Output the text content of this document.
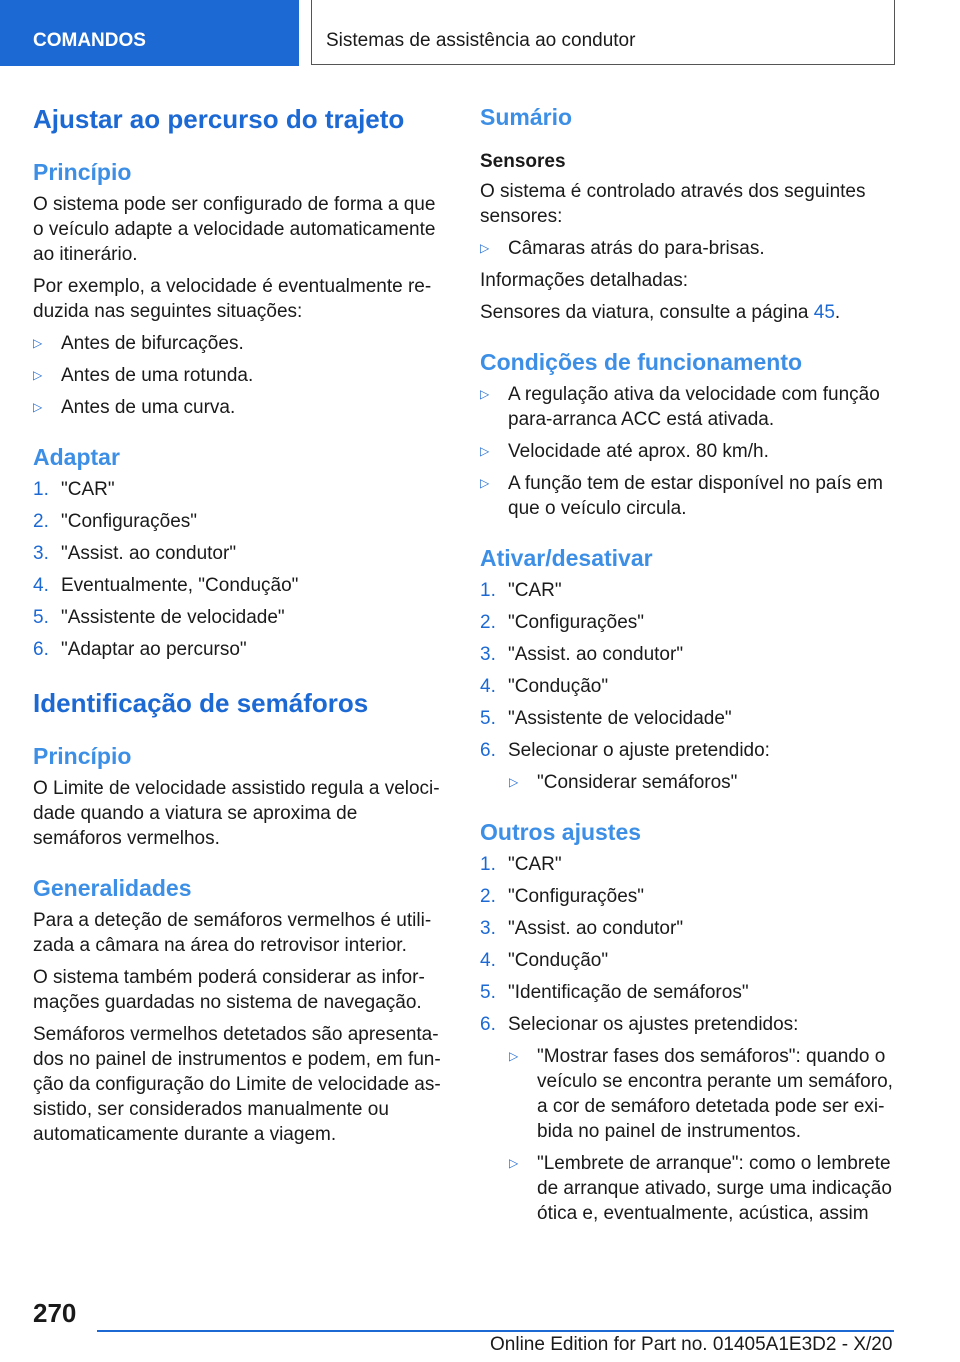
COMANDOS	Sistemas de assistência ao condutor
Ajustar ao percurso do trajeto
Princípio

O sistema pode ser configurado de forma a que o veículo adapte a velocidade automaticamente ao itinerário.

Por exemplo, a velocidade é eventualmente reduzida nas seguintes situações:

▷ Antes de bifurcações.
▷ Antes de uma rotunda.
▷ Antes de uma curva.
Adaptar
1. "CAR"
2. "Configurações"
3. "Assist. ao condutor"
4. Eventualmente, "Condução"
5. "Assistente de velocidade"
6. "Adaptar ao percurso"
Identificação de semáforos
Princípio

O Limite de velocidade assistido regula a velocidade quando a viatura se aproxima de semáforos vermelhos.

Generalidades

Para a deteção de semáforos vermelhos é utilizada a câmara na área do retrovisor interior.

O sistema também poderá considerar as informações guardadas no sistema de navegação.

Semáforos vermelhos detetados são apresentados no painel de instrumentos e podem, em função da configuração do Limite de velocidade assistido, ser considerados manualmente ou automaticamente durante a viagem.

Sumário
Sensores

O sistema é controlado através dos seguintes sensores:

▷ Câmaras atrás do para-brisas.

Informações detalhadas:

Sensores da viatura, consulte a página 45.

Condições de funcionamento
▷ A regulação ativa da velocidade com função para-arranca ACC está ativada.
▷ Velocidade até aprox. 80 km/h.
▷ A função tem de estar disponível no país em que o veículo circula.
Ativar/desativar
1. "CAR"
2. "Configurações"
3. "Assist. ao condutor"
4. "Condução"
5. "Assistente de velocidade"
6. Selecionar o ajuste pretendido:
▷ "Considerar semáforos"
Outros ajustes
1. "CAR"
2. "Configurações"
3. "Assist. ao condutor"
4. "Condução"
5. "Identificação de semáforos"
6. Selecionar os ajustes pretendidos:
▷ "Mostrar fases dos semáforos": quando o veículo se encontra perante um semáforo, a cor de semáforo detetada pode ser exibida no painel de instrumentos.
▷ "Lembrete de arranque": como o lembrete de arranque ativado, surge uma indicação ótica e, eventualmente, acústica, assim
270
Online Edition for Part no. 01405A1E3D2 - X/20
